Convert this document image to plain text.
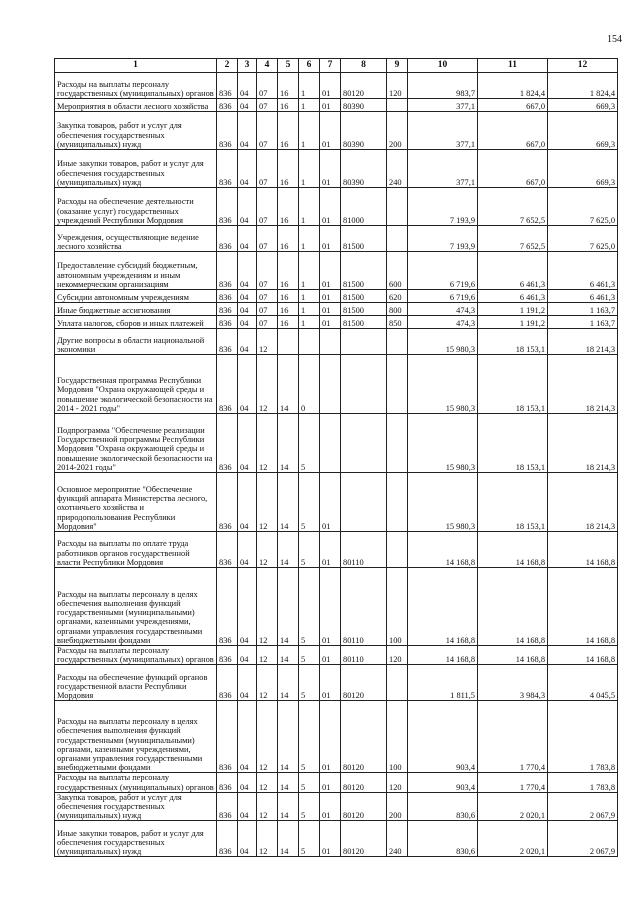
154
1	2	3	4	5	6	7	8	9	10	11	12
Расходы на выплаты персоналу государственных (муниципальных) органов	836	04	07	16	1	01	80120	120	983,7	1 824,4	1 824,4
Мероприятия в области лесного хозяйства	836	04	07	16	1	01	80390		377,1	667,0	669,3
Закупка товаров, работ и услуг для обеспечения государственных (муниципальных) нужд	836	04	07	16	1	01	80390	200	377,1	667,0	669,3
Иные закупки товаров, работ и услуг для обеспечения государственных (муниципальных) нужд	836	04	07	16	1	01	80390	240	377,1	667,0	669,3
Расходы на обеспечение деятельности (оказание услуг) государственных учреждений Республики Мордовия	836	04	07	16	1	01	81000		7 193,9	7 652,5	7 625,0
Учреждения, осуществляющие ведение лесного хозяйства	836	04	07	16	1	01	81500		7 193,9	7 652,5	7 625,0
Предоставление субсидий бюджетным, автономным учреждениям и иным некоммерческим организациям	836	04	07	16	1	01	81500	600	6 719,6	6 461,3	6 461,3
Субсидии автономным учреждениям	836	04	07	16	1	01	81500	620	6 719,6	6 461,3	6 461,3
Иные бюджетные ассигнования	836	04	07	16	1	01	81500	800	474,3	1 191,2	1 163,7
Уплата налогов, сборов и иных платежей	836	04	07	16	1	01	81500	850	474,3	1 191,2	1 163,7
Другие вопросы в области национальной экономики	836	04	12						15 980,3	18 153,1	18 214,3
Государственная программа Республики Мордовия "Охрана окружающей среды и повышение экологической безопасности на 2014 - 2021 годы"	836	04	12	14	0				15 980,3	18 153,1	18 214,3
Подпрограмма "Обеспечение реализации Государственной программы Республики Мордовия "Охрана окружающей среды и повышение экологической безопасности на 2014-2021 годы"	836	04	12	14	5				15 980,3	18 153,1	18 214,3
Основное мероприятие "Обеспечение функций аппарата Министерства лесного, охотничьего хозяйства и природопользования Республики Мордовия"	836	04	12	14	5	01			15 980,3	18 153,1	18 214,3
Расходы на выплаты по оплате труда работников органов государственной власти Республики Мордовия	836	04	12	14	5	01	80110		14 168,8	14 168,8	14 168,8
Расходы на выплаты персоналу в целях обеспечения выполнения функций государственными (муниципальными) органами, казенными учреждениями, органами управления государственными внебюджетными фондами	836	04	12	14	5	01	80110	100	14 168,8	14 168,8	14 168,8
Расходы на выплаты персоналу государственных (муниципальных) органов	836	04	12	14	5	01	80110	120	14 168,8	14 168,8	14 168,8
Расходы на обеспечение функций органов государственной власти Республики Мордовия	836	04	12	14	5	01	80120		1 811,5	3 984,3	4 045,5
Расходы на выплаты персоналу в целях обеспечения выполнения функций государственными (муниципальными) органами, казенными учреждениями, органами управления государственными внебюджетными фондами	836	04	12	14	5	01	80120	100	903,4	1 770,4	1 783,8
Расходы на выплаты персоналу государственных (муниципальных) органов	836	04	12	14	5	01	80120	120	903,4	1 770,4	1 783,8
Закупка товаров, работ и услуг для обеспечения государственных (муниципальных) нужд	836	04	12	14	5	01	80120	200	830,6	2 020,1	2 067,9
Иные закупки товаров, работ и услуг для обеспечения государственных (муниципальных) нужд	836	04	12	14	5	01	80120	240	830,6	2 020,1	2 067,9
